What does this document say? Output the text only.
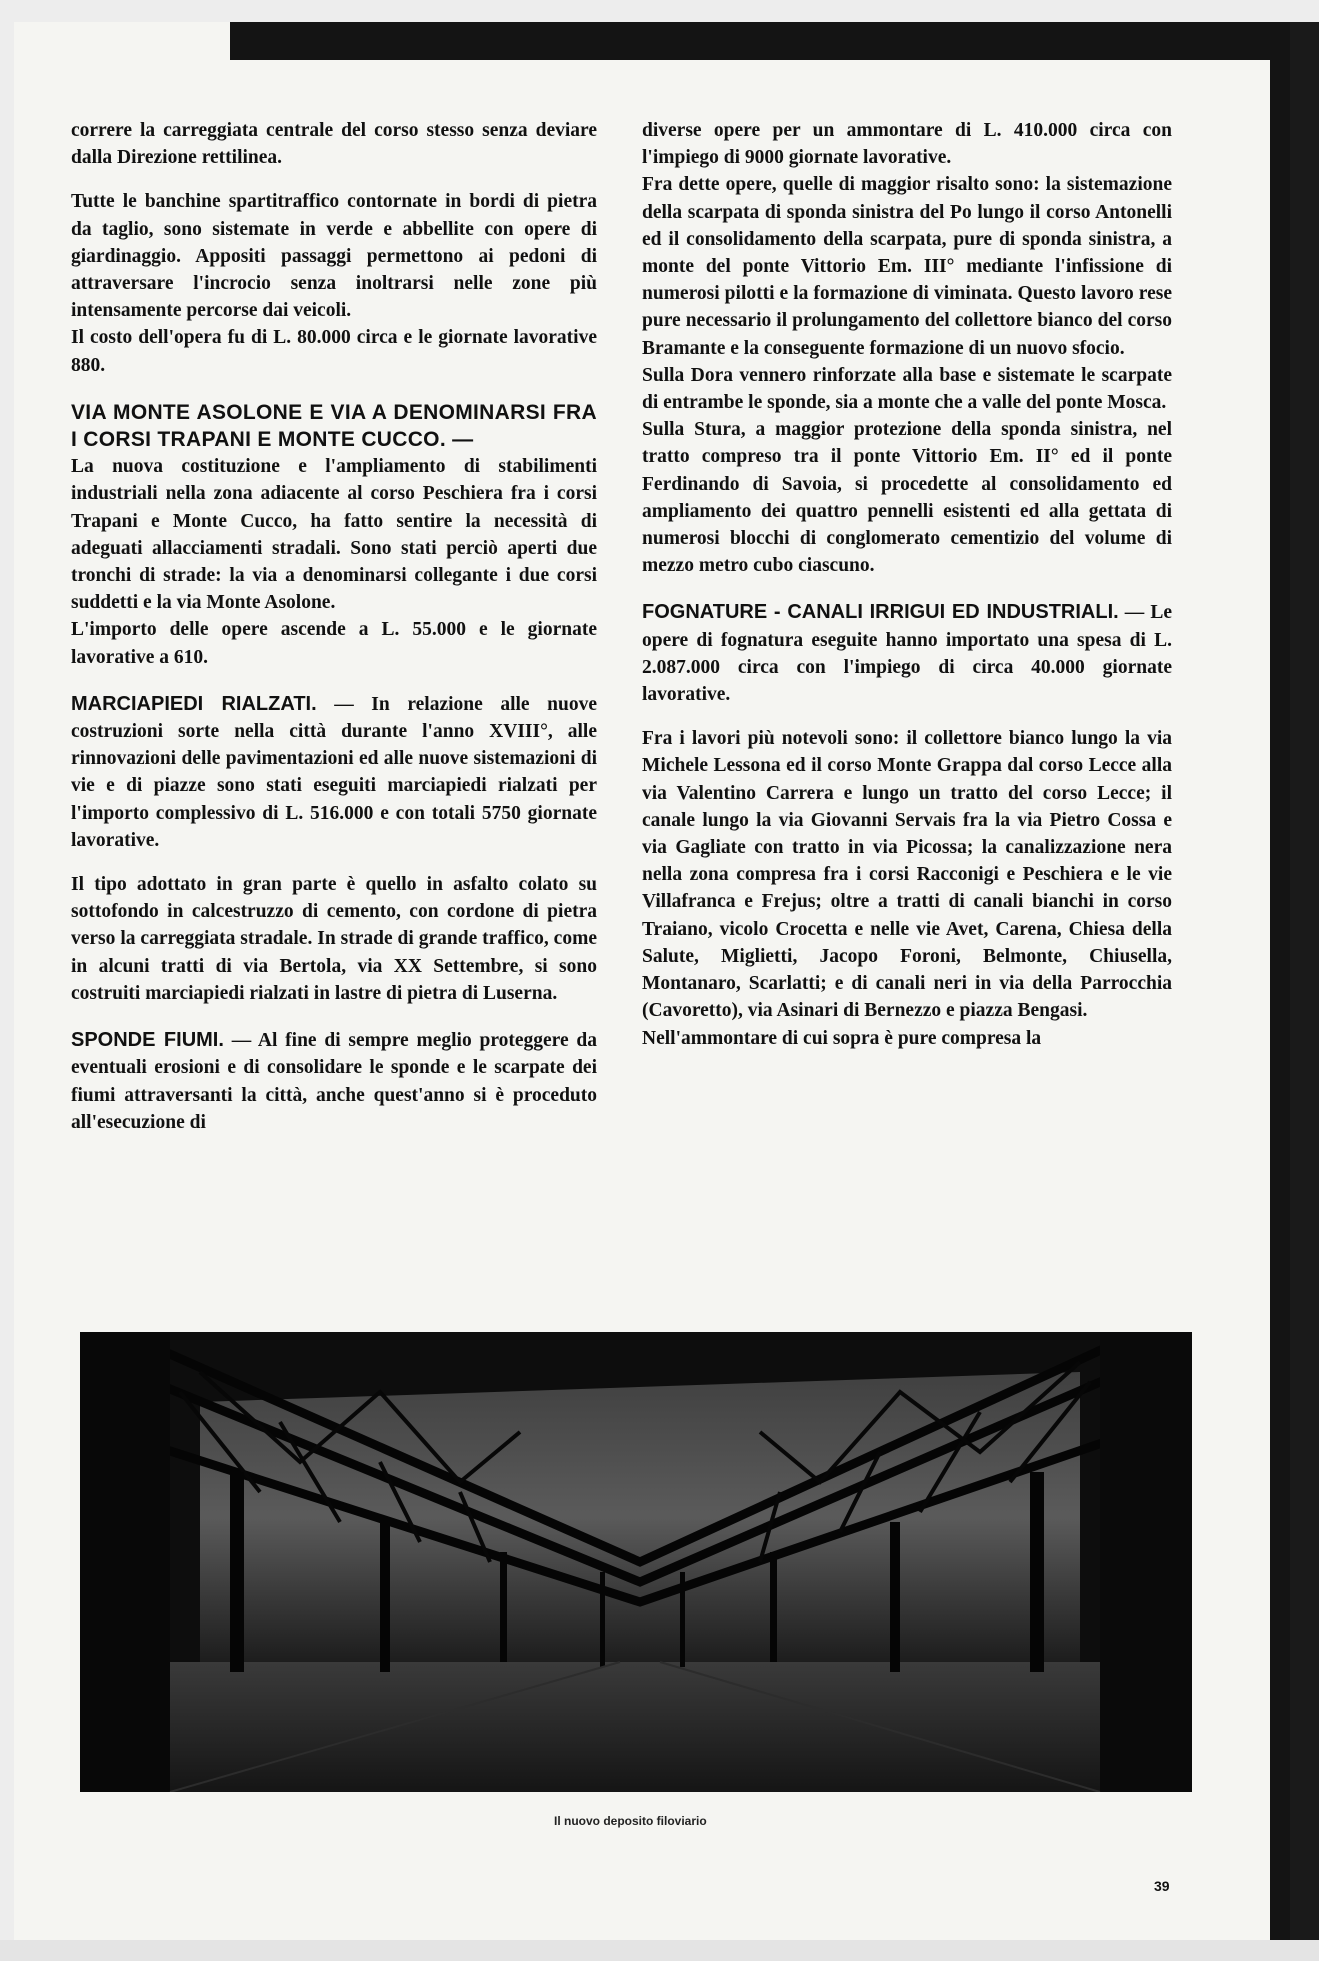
correre la carreggiata centrale del corso stesso senza deviare dalla Direzione rettilinea.

Tutte le banchine spartitraffico contornate in bordi di pietra da taglio, sono sistemate in verde e abbellite con opere di giardinaggio. Appositi passaggi permettono ai pedoni di attraversare l'incrocio senza inoltrarsi nelle zone più intensamente percorse dai veicoli.

Il costo dell'opera fu di L. 80.000 circa e le giornate lavorative 880.

VIA MONTE ASOLONE E VIA A DENOMINARSI FRA I CORSI TRAPANI E MONTE CUCCO. —

La nuova costituzione e l'ampliamento di stabilimenti industriali nella zona adiacente al corso Peschiera fra i corsi Trapani e Monte Cucco, ha fatto sentire la necessità di adeguati allacciamenti stradali. Sono stati perciò aperti due tronchi di strade: la via a denominarsi collegante i due corsi suddetti e la via Monte Asolone.

L'importo delle opere ascende a L. 55.000 e le giornate lavorative a 610.

MARCIAPIEDI RIALZATI. — In relazione alle nuove costruzioni sorte nella città durante l'anno XVIII°, alle rinnovazioni delle pavimentazioni ed alle nuove sistemazioni di vie e di piazze sono stati eseguiti marciapiedi rialzati per l'importo complessivo di L. 516.000 e con totali 5750 giornate lavorative.

Il tipo adottato in gran parte è quello in asfalto colato su sottofondo in calcestruzzo di cemento, con cordone di pietra verso la carreggiata stradale. In strade di grande traffico, come in alcuni tratti di via Bertola, via XX Settembre, si sono costruiti marciapiedi rialzati in lastre di pietra di Luserna.

SPONDE FIUMI. — Al fine di sempre meglio proteggere da eventuali erosioni e di consolidare le sponde e le scarpate dei fiumi attraversanti la città, anche quest'anno si è proceduto all'esecuzione di

diverse opere per un ammontare di L. 410.000 circa con l'impiego di 9000 giornate lavorative.

Fra dette opere, quelle di maggior risalto sono: la sistemazione della scarpata di sponda sinistra del Po lungo il corso Antonelli ed il consolidamento della scarpata, pure di sponda sinistra, a monte del ponte Vittorio Em. III° mediante l'infissione di numerosi pilotti e la formazione di viminata. Questo lavoro rese pure necessario il prolungamento del collettore bianco del corso Bramante e la conseguente formazione di un nuovo sfocio.

Sulla Dora vennero rinforzate alla base e sistemate le scarpate di entrambe le sponde, sia a monte che a valle del ponte Mosca.

Sulla Stura, a maggior protezione della sponda sinistra, nel tratto compreso tra il ponte Vittorio Em. II° ed il ponte Ferdinando di Savoia, si procedette al consolidamento ed ampliamento dei quattro pennelli esistenti ed alla gettata di numerosi blocchi di conglomerato cementizio del volume di mezzo metro cubo ciascuno.

FOGNATURE - CANALI IRRIGUI ED INDUSTRIALI. — Le opere di fognatura eseguite hanno importato una spesa di L. 2.087.000 circa con l'impiego di circa 40.000 giornate lavorative.

Fra i lavori più notevoli sono: il collettore bianco lungo la via Michele Lessona ed il corso Monte Grappa dal corso Lecce alla via Valentino Carrera e lungo un tratto del corso Lecce; il canale lungo la via Giovanni Servais fra la via Pietro Cossa e via Gagliate con tratto in via Picossa; la canalizzazione nera nella zona compresa fra i corsi Racconigi e Peschiera e le vie Villafranca e Frejus; oltre a tratti di canali bianchi in corso Traiano, vicolo Crocetta e nelle vie Avet, Carena, Chiesa della Salute, Miglietti, Jacopo Foroni, Belmonte, Chiusella, Montanaro, Scarlatti; e di canali neri in via della Parrocchia (Cavoretto), via Asinari di Bernezzo e piazza Bengasi.

Nell'ammontare di cui sopra è pure compresa la

Il nuovo deposito filoviario
39
